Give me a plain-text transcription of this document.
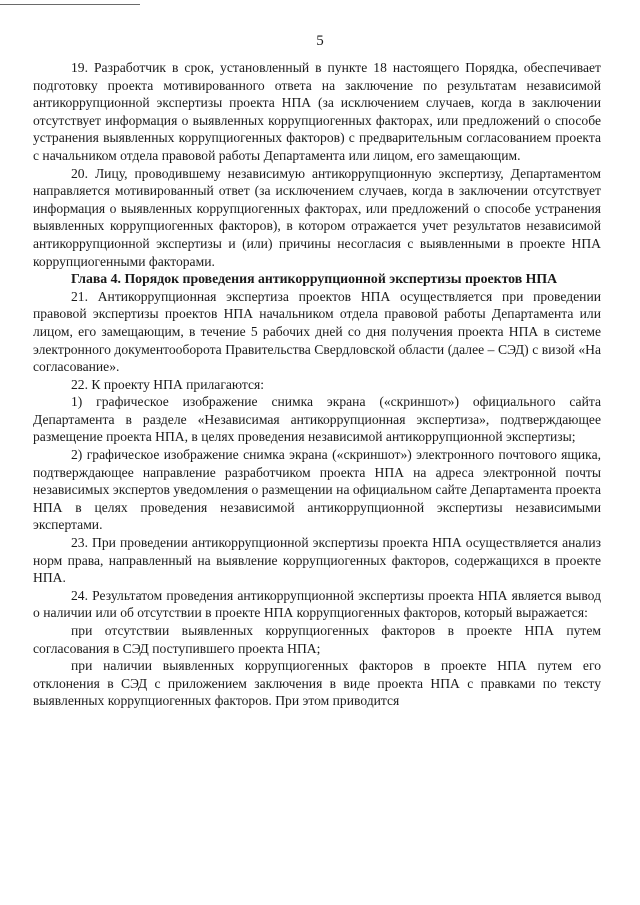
5

19. Разработчик в срок, установленный в пункте 18 настоящего Порядка, обеспечивает подготовку проекта мотивированного ответа на заключение по результатам независимой антикоррупционной экспертизы проекта НПА (за исключением случаев, когда в заключении отсутствует информация о выявленных коррупциогенных факторах, или предложений о способе устранения выявленных коррупциогенных факторов) с предварительным согласованием проекта с начальником отдела правовой работы Департамента или лицом, его замещающим.

20. Лицу, проводившему независимую антикоррупционную экспертизу, Департаментом направляется мотивированный ответ (за исключением случаев, когда в заключении отсутствует информация о выявленных коррупциогенных факторах, или предложений о способе устранения выявленных коррупциогенных факторов), в котором отражается учет результатов независимой антикоррупционной экспертизы и (или) причины несогласия с выявленными в проекте НПА коррупциогенными факторами.

Глава 4. Порядок проведения антикоррупционной экспертизы проектов НПА

21. Антикоррупционная экспертиза проектов НПА осуществляется при проведении правовой экспертизы проектов НПА начальником отдела правовой работы Департамента или лицом, его замещающим, в течение 5 рабочих дней со дня получения проекта НПА в системе электронного документооборота Правительства Свердловской области (далее – СЭД) с визой «На согласование».

22. К проекту НПА прилагаются:

1) графическое изображение снимка экрана («скриншот») официального сайта Департамента в разделе «Независимая антикоррупционная экспертиза», подтверждающее размещение проекта НПА, в целях проведения независимой антикоррупционной экспертизы;

2) графическое изображение снимка экрана («скриншот») электронного почтового ящика, подтверждающее направление разработчиком проекта НПА на адреса электронной почты независимых экспертов уведомления о размещении на официальном сайте Департамента проекта НПА в целях проведения независимой антикоррупционной экспертизы независимыми экспертами.

23. При проведении антикоррупционной экспертизы проекта НПА осуществляется анализ норм права, направленный на выявление коррупциогенных факторов, содержащихся в проекте НПА.

24. Результатом проведения антикоррупционной экспертизы проекта НПА является вывод о наличии или об отсутствии в проекте НПА коррупциогенных факторов, который выражается:

при отсутствии выявленных коррупциогенных факторов в проекте НПА путем согласования в СЭД поступившего проекта НПА;

при наличии выявленных коррупциогенных факторов в проекте НПА путем его отклонения в СЭД с приложением заключения в виде проекта НПА с правками по тексту выявленных коррупциогенных факторов. При этом приводится
